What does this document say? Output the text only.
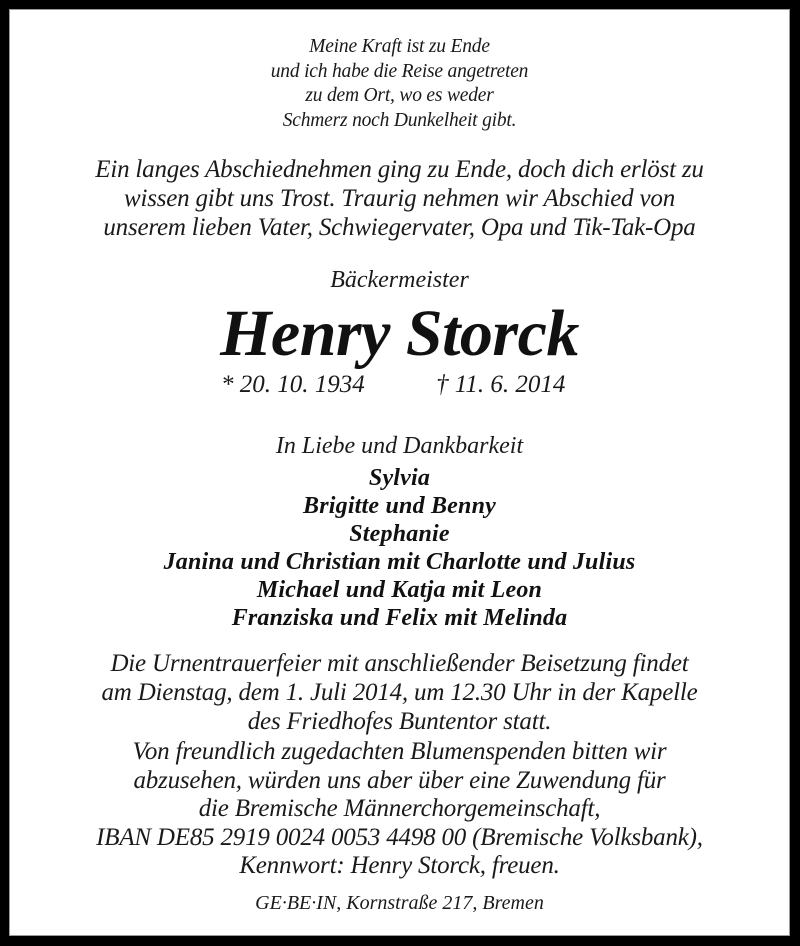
Meine Kraft ist zu Ende
und ich habe die Reise angetreten
zu dem Ort, wo es weder
Schmerz noch Dunkelheit gibt.
Ein langes Abschiednehmen ging zu Ende, doch dich erlöst zu
wissen gibt uns Trost. Traurig nehmen wir Abschied von
unserem lieben Vater, Schwiegervater, Opa und Tik-Tak-Opa
Bäckermeister
Henry Storck
* 20. 10. 1934	† 11. 6. 2014
In Liebe und Dankbarkeit
Sylvia
Brigitte und Benny
Stephanie
Janina und Christian mit Charlotte und Julius
Michael und Katja mit Leon
Franziska und Felix mit Melinda
Die Urnentrauerfeier mit anschließender Beisetzung findet
am Dienstag, dem 1. Juli 2014, um 12.30 Uhr in der Kapelle
des Friedhofes Buntentor statt.
Von freundlich zugedachten Blumenspenden bitten wir
abzusehen, würden uns aber über eine Zuwendung für
die Bremische Männerchorgemeinschaft,
IBAN DE85 2919 0024 0053 4498 00 (Bremische Volksbank),
Kennwort: Henry Storck, freuen.
GE·BE·IN, Kornstraße 217, Bremen
